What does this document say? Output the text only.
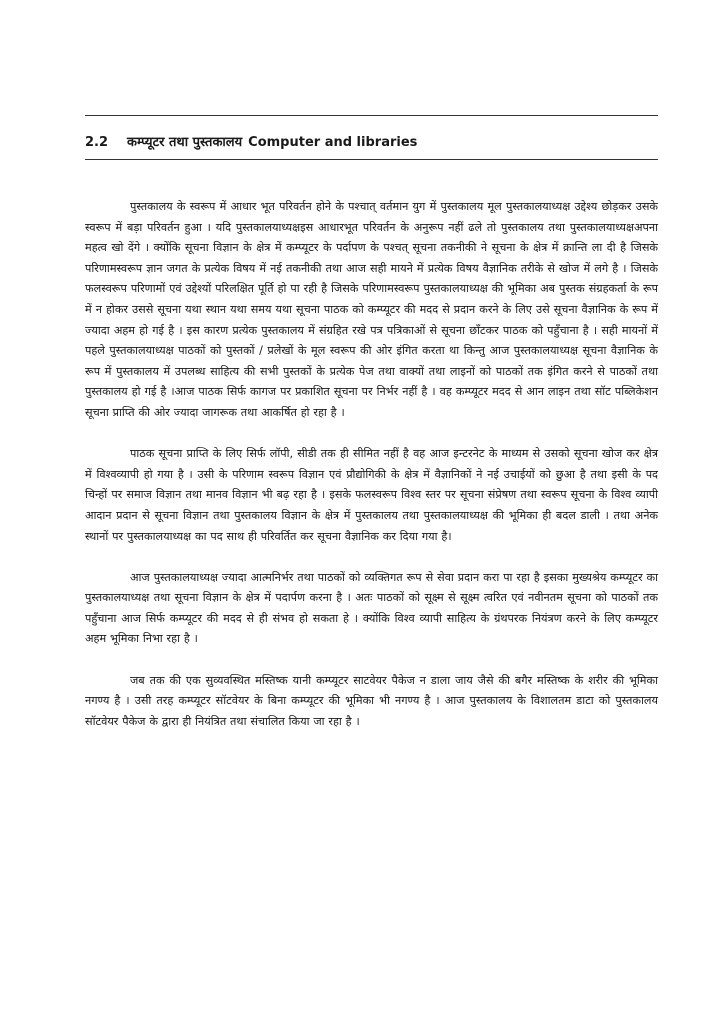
2.2 कम्प्यूटर तथा पुस्तकालय Computer and libraries

पुस्तकालय के स्वरूप में आधार भूत परिवर्तन होने के पश्चात् वर्तमान युग में पुस्तकालय मूल पुस्तकालयाध्यक्ष उद्देश्य छोड़कर उसके स्वरूप में बड़ा परिवर्तन हुआ । यदि पुस्तकालयाध्यक्षइस आधारभूत परिवर्तन के अनुरूप नहीं ढले तो पुस्तकालय तथा पुस्तकालयाध्यक्षअपना महत्व खो देंगे । क्योंकि सूचना विज्ञान के क्षेत्र में कम्प्यूटर के पर्दापण के पश्चत् सूचना तकनीकी ने सूचना के क्षेत्र में क्रान्ति ला दी है जिसके परिणामस्वरूप ज्ञान जगत के प्रत्येक विषय में नई तकनीकी तथा आज सही मायने में प्रत्येक विषय वैज्ञानिक तरीके से खोज में लगे है । जिसके फलस्वरूप परिणामों एवं उद्देश्यों परिलक्षित पूर्ति हो पा रही है जिसके परिणामस्वरूप पुस्तकालयाध्यक्ष की भूमिका अब पुस्तक संग्रहकर्ता के रूप में न होकर उससे सूचना यथा स्थान यथा समय यथा सूचना पाठक को कम्प्यूटर की मदद से प्रदान करने के लिए उसे सूचना वैज्ञानिक के रूप में ज्यादा अहम हो गई है । इस कारण प्रत्येक पुस्तकालय में संग्रहित रखे पत्र पत्रिकाओं से सूचना छाँटकर पाठक को पहुँचाना है । सही मायनों में पहले पुस्तकालयाध्यक्ष पाठकों को पुस्तकों / प्रलेखों के मूल स्वरूप की ओर इंगित करता था किन्तु आज पुस्तकालयाध्यक्ष सूचना वैज्ञानिक के रूप में पुस्तकालय में उपलब्ध साहित्य की सभी पुस्तकों के प्रत्येक पेज तथा वाक्यों तथा लाइनों को पाठकों तक इंगित करने से पाठकों तथा पुस्तकालय हो गई है ।आज पाठक सिर्फ कागज पर प्रकाशित सूचना पर निर्भर नहीं है । वह कम्प्यूटर मदद से आन लाइन तथा सॉट पब्लिकेशन सूचना प्राप्ति की ओर ज्यादा जागरूक तथा आकर्षित हो रहा है ।

पाठक सूचना प्राप्ति के लिए सिर्फ लॉपी, सीडी तक ही सीमित नहीं है वह आज इन्टरनेट के माध्यम से उसको सूचना खोज कर क्षेत्र में विश्वव्यापी हो गया है । उसी के परिणाम स्वरूप विज्ञान एवं प्रौद्योगिकी के क्षेत्र में वैज्ञानिकों ने नई उचाईयों को छुआ है तथा इसी के पद चिन्हों पर समाज विज्ञान तथा मानव विज्ञान भी बढ़ रहा है । इसके फलस्वरूप विश्व स्तर पर सूचना संप्रेषण तथा स्वरूप सूचना के विश्व व्यापी आदान प्रदान से सूचना विज्ञान तथा पुस्तकालय विज्ञान के क्षेत्र में पुस्तकालय तथा पुस्तकालयाध्यक्ष की भूमिका ही बदल डाली । तथा अनेक स्थानों पर पुस्तकालयाध्यक्ष का पद साथ ही परिवर्तित कर सूचना वैज्ञानिक कर दिया गया है।

आज पुस्तकालयाध्यक्ष ज्यादा आत्मनिर्भर तथा पाठकों को व्यक्तिगत रूप से सेवा प्रदान करा पा रहा है इसका मुख्यश्रेय कम्प्यूटर का पुस्तकालयाध्यक्ष तथा सूचना विज्ञान के क्षेत्र में पदार्पण करना है । अतः पाठकों को सूक्ष्म से सूक्ष्म त्वरित एवं नवीनतम सूचना को पाठकों तक पहुँचाना आज सिर्फ कम्प्यूटर की मदद से ही संभव हो सकता हे । क्योंकि विश्व व्यापी साहित्य के ग्रंथपरक नियंत्रण करने के लिए कम्प्यूटर अहम भूमिका निभा रहा है ।

जब तक की एक सुव्यवस्थित मस्तिष्क यानी कम्प्यूटर साटवेयर पैकेज न डाला जाय जैसे की बगैर मस्तिष्क के शरीर की भूमिका नगण्य है । उसी तरह कम्प्यूटर सॉटवेयर के बिना कम्प्यूटर की भूमिका भी नगण्य है । आज पुस्तकालय के विशालतम डाटा को पुस्तकालय सॉटवेयर पैकेज के द्वारा ही नियंत्रित तथा संचालित किया जा रहा है ।
